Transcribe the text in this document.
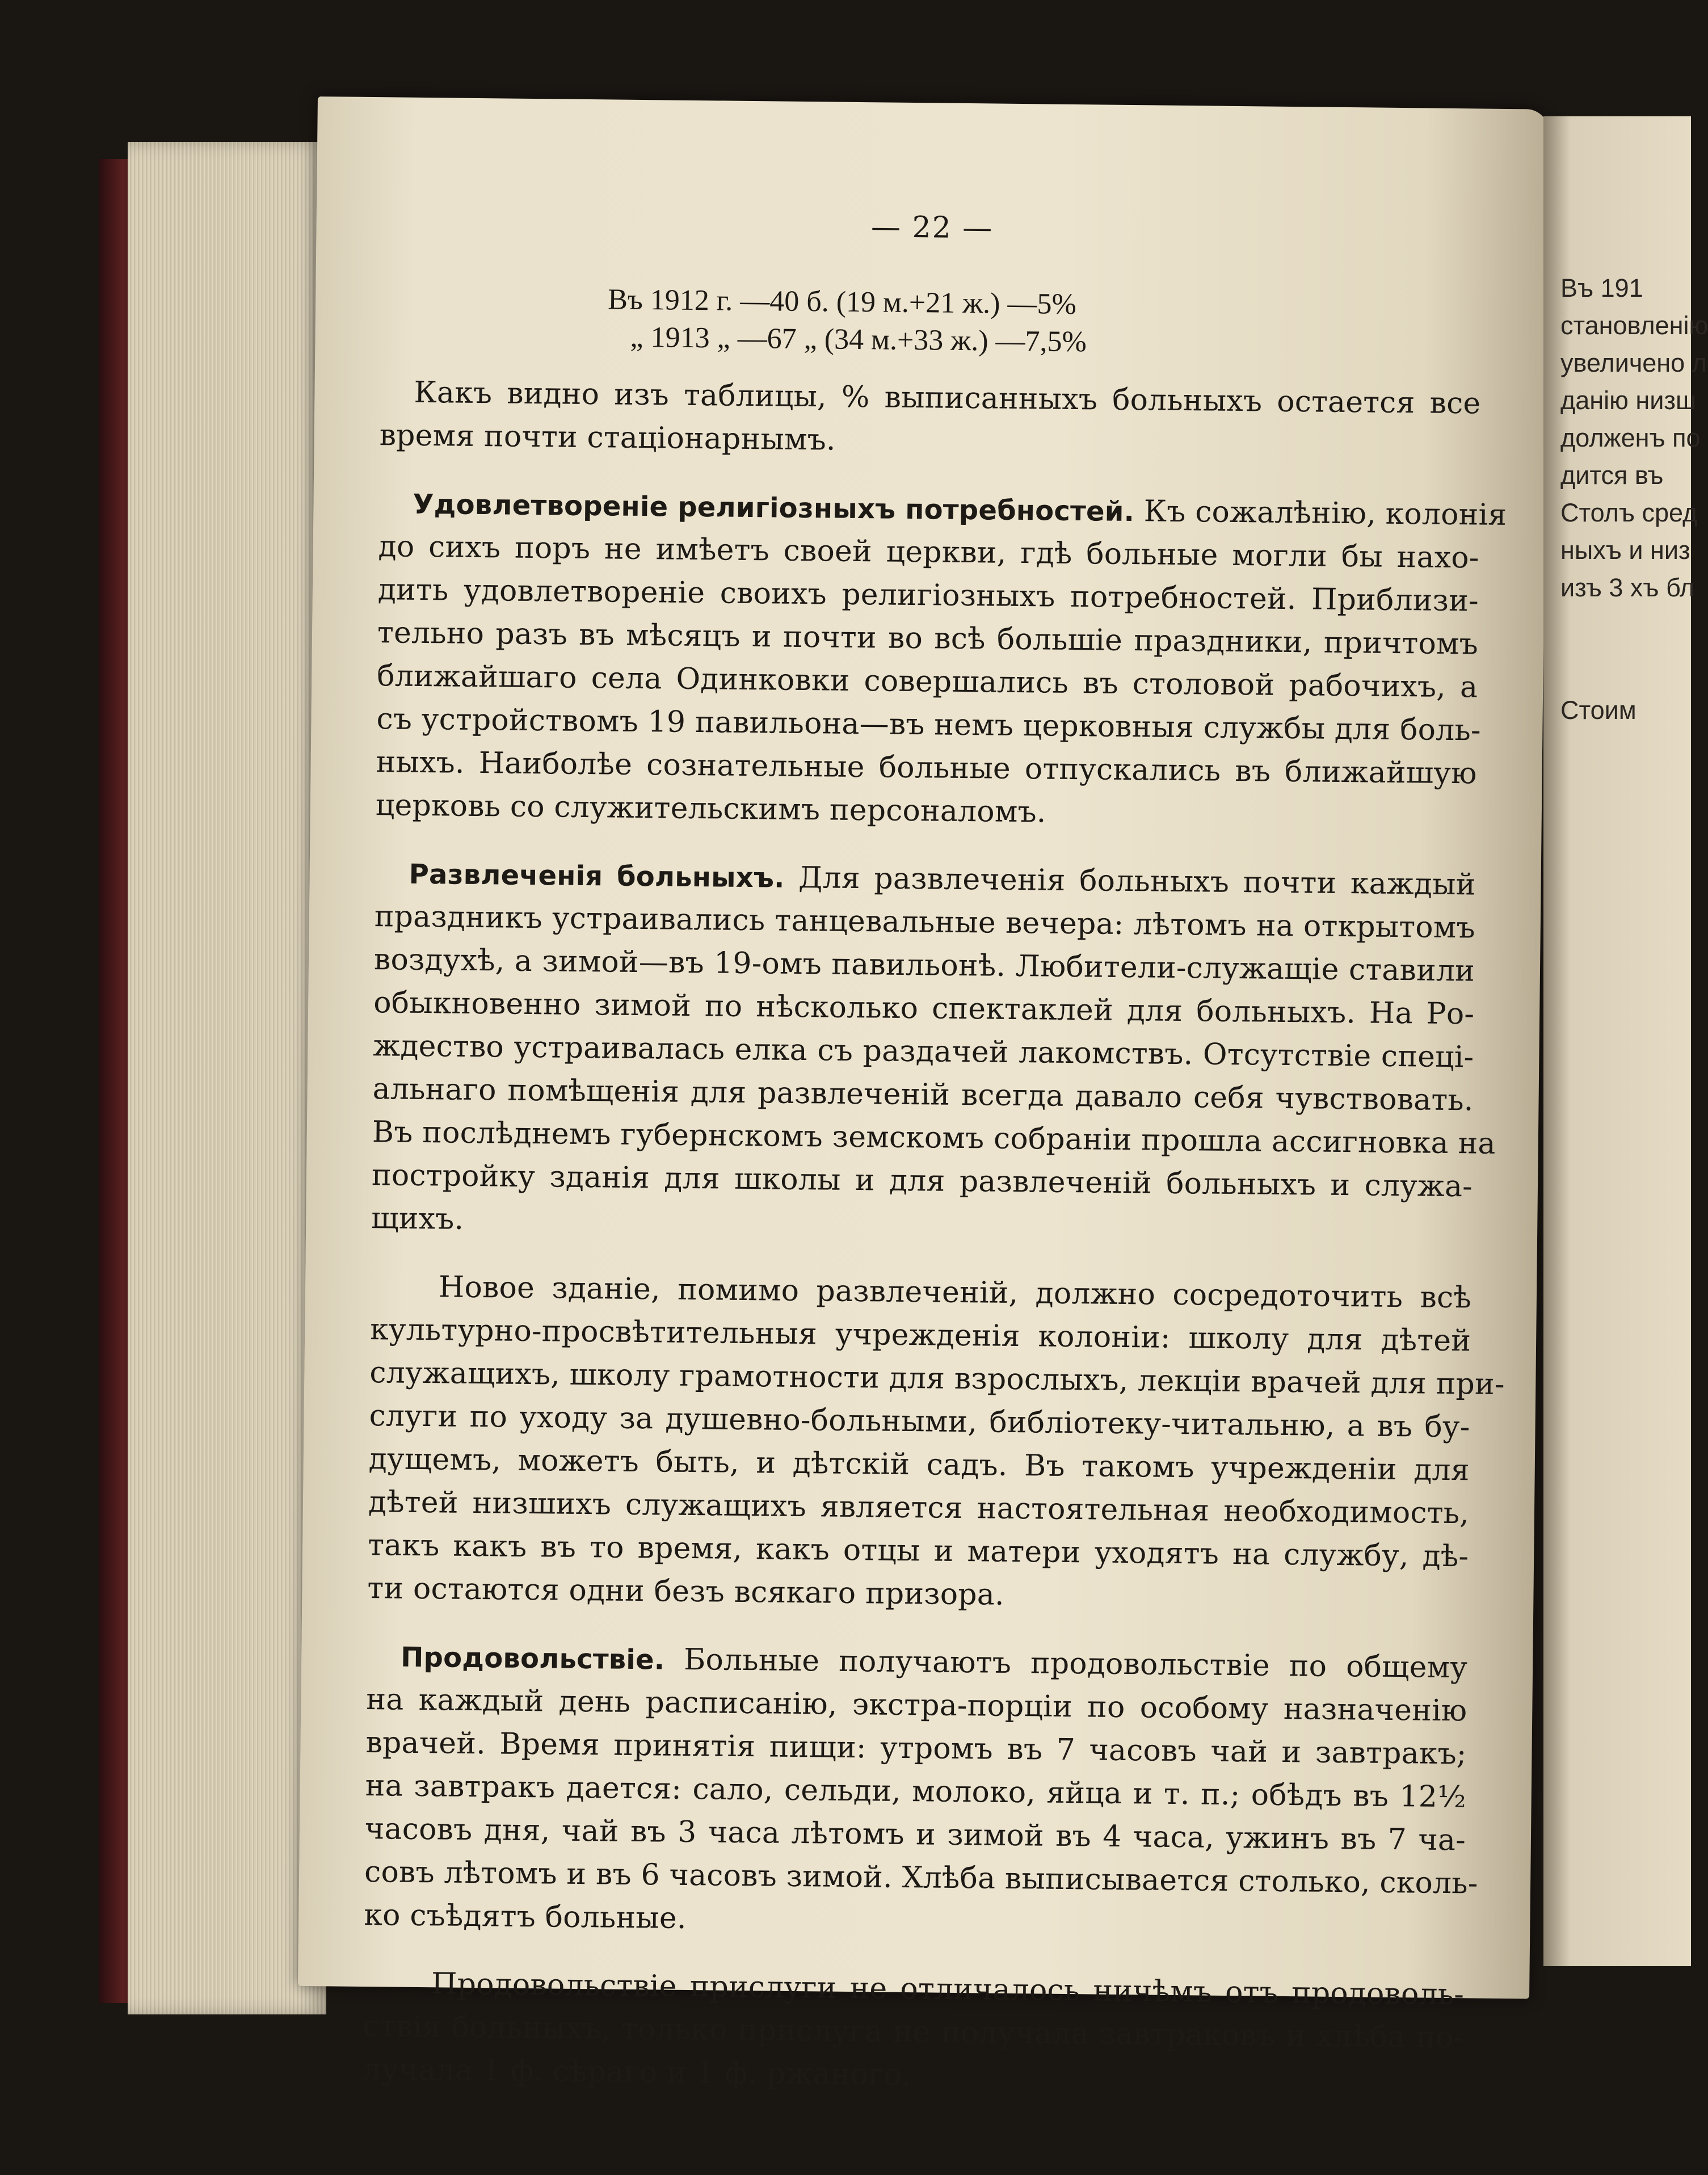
— 22 —
Въ 1912 г. —40 б. (19 м.+21 ж.) —5%
„ 1913 „ —67 „ (34 м.+33 ж.) —7,5%
Какъ видно изъ таблицы, % выписанныхъ больныхъ остается все
время почти стаціонарнымъ.
Удовлетвореніе религіозныхъ потребностей. Къ сожалѣнію, колонія
до сихъ поръ не имѣетъ своей церкви, гдѣ больные могли бы нахо-
дить удовлетвореніе своихъ религіозныхъ потребностей. Приблизи-
тельно разъ въ мѣсяцъ и почти во всѣ большіе праздники, причтомъ
ближайшаго села Одинковки совершались въ столовой рабочихъ, а
съ устройствомъ 19 павильона—въ немъ церковныя службы для боль-
ныхъ. Наиболѣе сознательные больные отпускались въ ближайшую
церковь со служительскимъ персоналомъ.
Развлеченія больныхъ. Для развлеченія больныхъ почти каждый
праздникъ устраивались танцевальные вечера: лѣтомъ на открытомъ
воздухѣ, а зимой—въ 19-омъ павильонѣ. Любители-служащіе ставили
обыкновенно зимой по нѣсколько спектаклей для больныхъ. На Ро-
ждество устраивалась елка съ раздачей лакомствъ. Отсутствіе спеці-
альнаго помѣщенія для развлеченій всегда давало себя чувствовать.
Въ послѣднемъ губернскомъ земскомъ собраніи прошла ассигновка на
постройку зданія для школы и для развлеченій больныхъ и служа-
щихъ.
Новое зданіе, помимо развлеченій, должно сосредоточить всѣ
культурно-просвѣтительныя учрежденія колоніи: школу для дѣтей
служащихъ, школу грамотности для взрослыхъ, лекціи врачей для при-
слуги по уходу за душевно-больными, библіотеку-читальню, а въ бу-
дущемъ, можетъ быть, и дѣтскій садъ. Въ такомъ учрежденіи для
дѣтей низшихъ служащихъ является настоятельная необходимость,
такъ какъ въ то время, какъ отцы и матери уходятъ на службу, дѣ-
ти остаются одни безъ всякаго призора.
Продовольствіе. Больные получаютъ продовольствіе по общему
на каждый день расписанію, экстра-порціи по особому назначенію
врачей. Время принятія пищи: утромъ въ 7 часовъ чай и завтракъ;
на завтракъ дается: сало, сельди, молоко, яйца и т. п.; обѣдъ въ 12½
часовъ дня, чай въ 3 часа лѣтомъ и зимой въ 4 часа, ужинъ въ 7 ча-
совъ лѣтомъ и въ 6 часовъ зимой. Хлѣба выписывается столько, сколь-
ко съѣдятъ больные.
Продовольствіе прислуги не отличалось ничѣмъ отъ продоволь-
ствія больныхъ, только прислуга не получала завтраковъ и хлѣба по-
лучала 1 ф. сѣраго и 1 ф. ржаного.
Въ 191
становленію
увеличено л
данію низш
долженъ по
дится въ
Столъ сред
ныхъ и низ
изъ 3 хъ бл
Стоим
